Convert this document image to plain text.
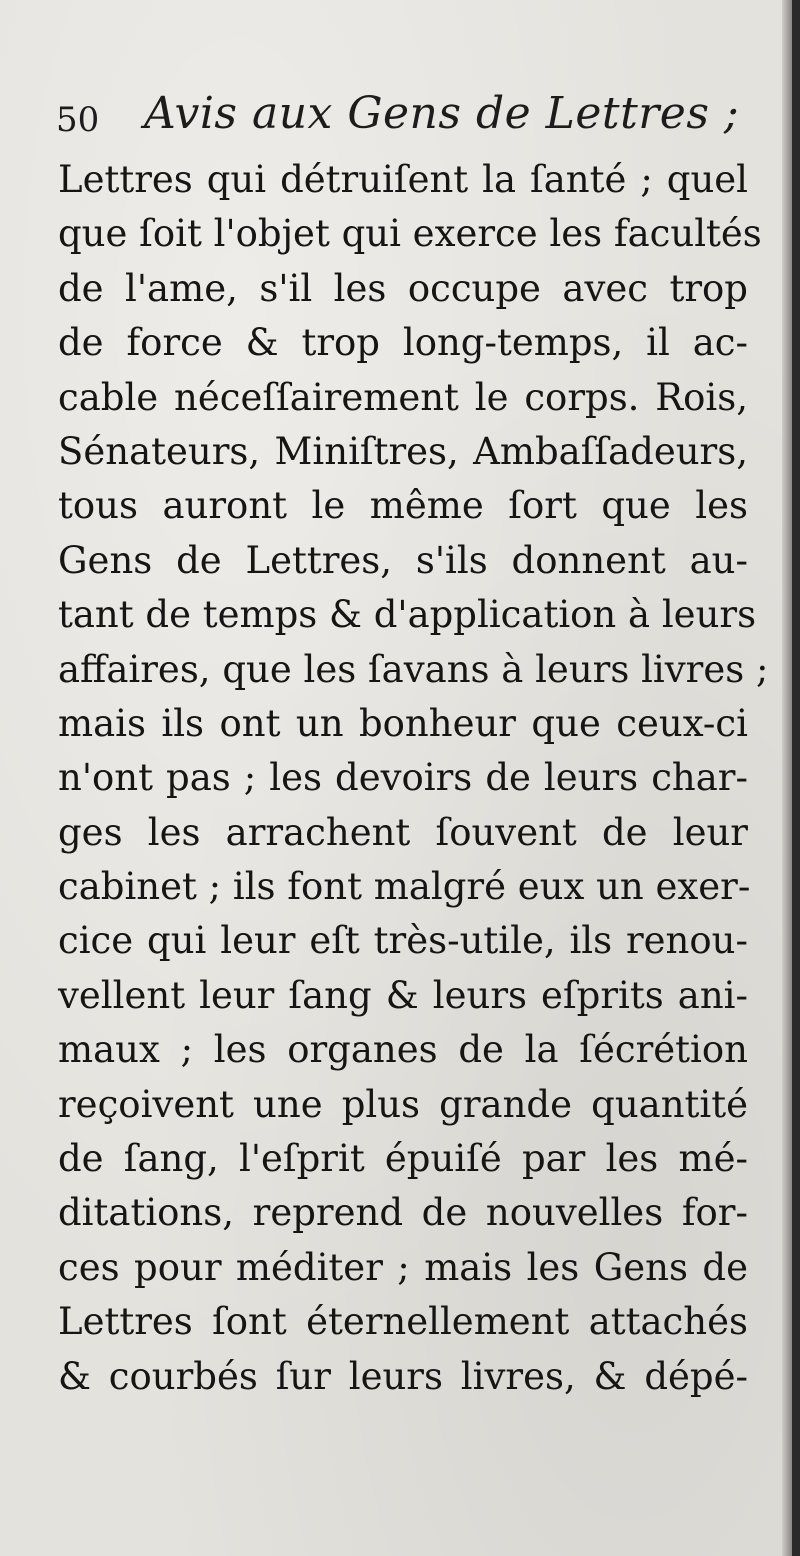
50 Avis aux Gens de Lettres ;
Lettres qui détruiſent la ſanté ; quel
que ſoit l'objet qui exerce les facultés
de l'ame, s'il les occupe avec trop
de force & trop long-temps, il ac-
cable néceſſairement le corps. Rois,
Sénateurs, Miniſtres, Ambaſſadeurs,
tous auront le même ſort que les
Gens de Lettres, s'ils donnent au-
tant de temps & d'application à leurs
affaires, que les ſavans à leurs livres ;
mais ils ont un bonheur que ceux-ci
n'ont pas ; les devoirs de leurs char-
ges les arrachent ſouvent de leur
cabinet ; ils font malgré eux un exer-
cice qui leur eſt très-utile, ils renou-
vellent leur ſang & leurs eſprits ani-
maux ; les organes de la ſécrétion
reçoivent une plus grande quantité
de ſang, l'eſprit épuiſé par les mé-
ditations, reprend de nouvelles for-
ces pour méditer ; mais les Gens de
Lettres ſont éternellement attachés
& courbés ſur leurs livres, & dépé-
